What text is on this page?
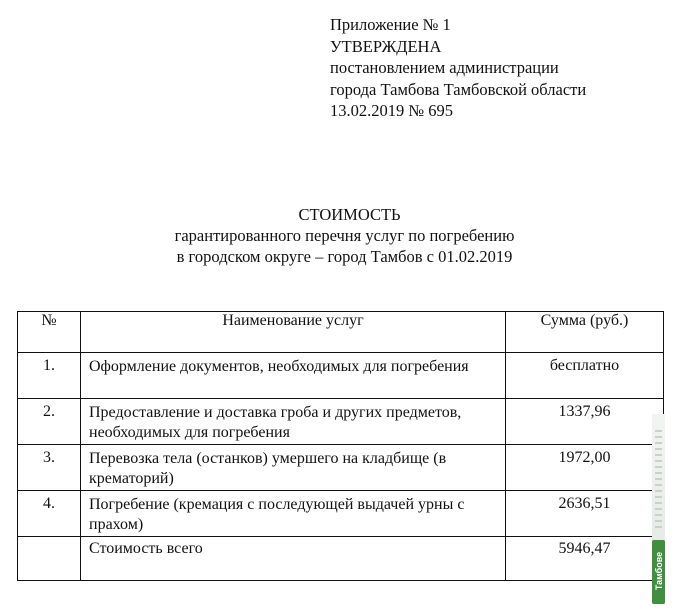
Приложение № 1
УТВЕРЖДЕНА
постановлением администрации
города Тамбова Тамбовской области
13.02.2019 № 695
СТОИМОСТЬ
гарантированного перечня услуг по погребению
в городском округе – город Тамбов с 01.02.2019
№	Наименование услуг	Сумма (руб.)
1.	Оформление документов, необходимых для погребения	бесплатно
2.	Предоставление и доставка гроба и других предметов, необходимых для погребения	1337,96
3.	Перевозка тела (останков) умершего на кладбище (в крематорий)	1972,00
4.	Погребение (кремация с последующей выдачей урны с прахом)	2636,51
	Стоимость всего	5946,47
Тамбове
